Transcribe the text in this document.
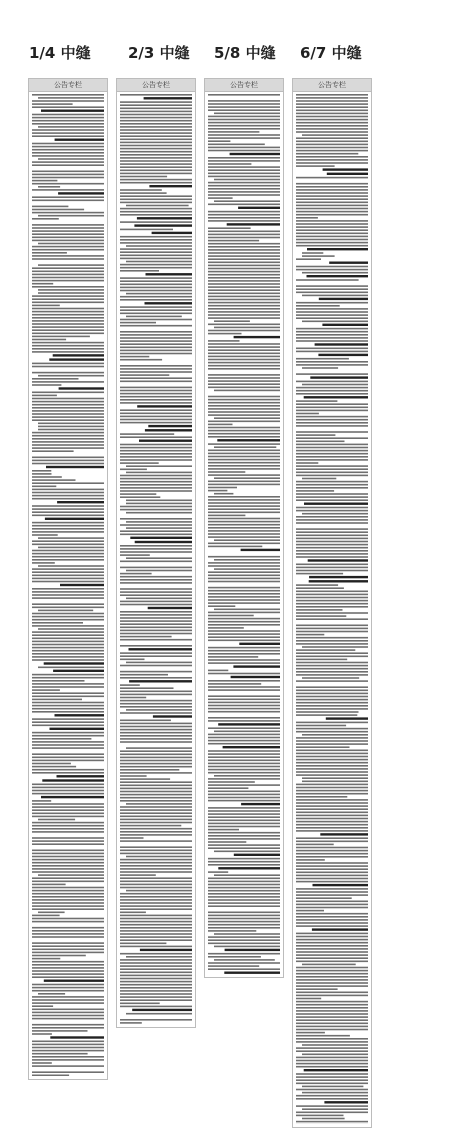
1/4 中缝 2/3 中缝 5/8 中缝 6/7 中缝
公告专栏	公告专栏	公告专栏	公告专栏
